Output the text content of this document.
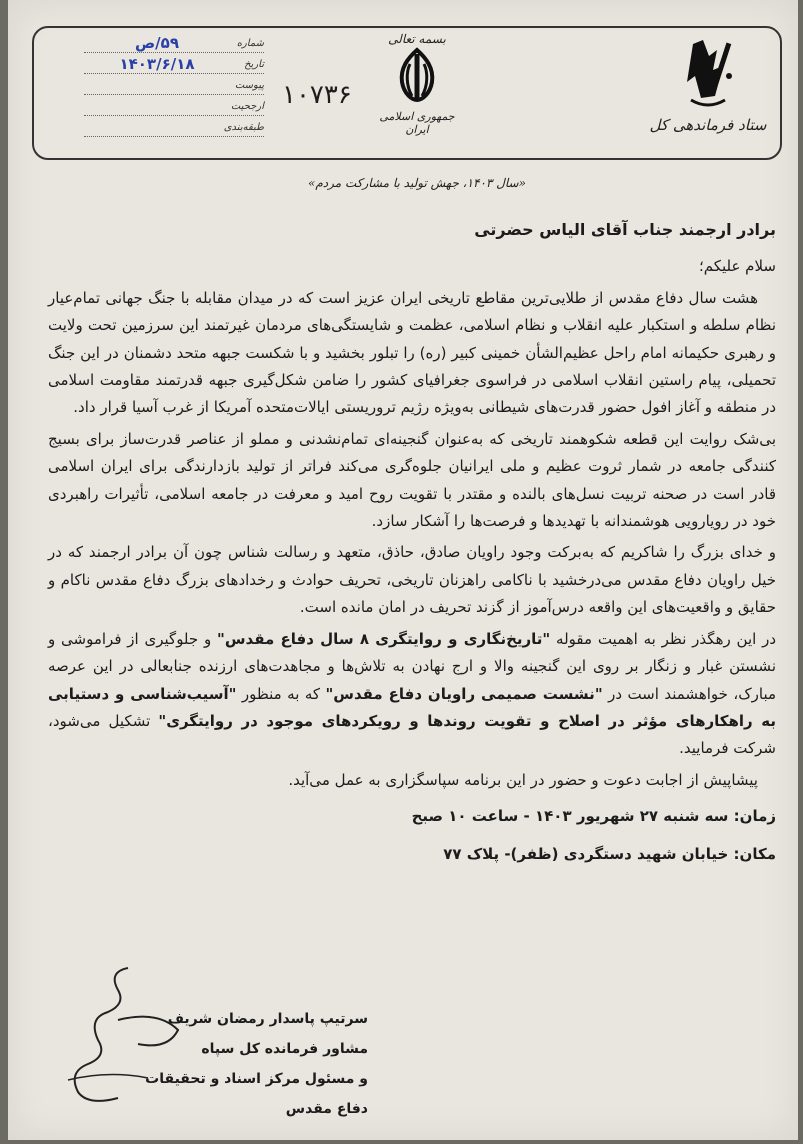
ستاد فرماندهی کل
بسمه تعالی
جمهوری اسلامی ایران
۱۰۷۳۶
شماره
۵۹/ص
تاریخ
۱۴۰۳/۶/۱۸
پیوست
ارجحیت
طبقه‌بندی
«سال ۱۴۰۳، جهش تولید با مشارکت مردم»
برادر ارجمند جناب آقای الیاس حضرتی
سلام علیکم؛

هشت سال دفاع مقدس از طلایی‌ترین مقاطع تاریخی ایران عزیز است که در میدان مقابله با جنگ جهانی تمام‌عیار نظام سلطه و استکبار علیه انقلاب و نظام اسلامی، عظمت و شایستگی‌های مردمان غیرتمند این سرزمین تحت ولایت و رهبری حکیمانه امام راحل عظیم‌الشأن خمینی کبیر (ره) را تبلور بخشید و با شکست جبهه متحد دشمنان در این جنگ تحمیلی، پیام راستین انقلاب اسلامی در فراسوی جغرافیای کشور را ضامن شکل‌گیری جبهه قدرتمند مقاومت اسلامی در منطقه و آغاز افول حضور قدرت‌های شیطانی به‌ویژه رژیم تروریستی ایالات‌متحده آمریکا از غرب آسیا قرار داد.

بی‌شک روایت این قطعه شکوهمند تاریخی که به‌عنوان گنجینه‌ای تمام‌نشدنی و مملو از عناصر قدرت‌ساز برای بسیج کنندگی جامعه در شمار ثروت عظیم و ملی ایرانیان جلوه‌گری می‌کند فراتر از تولید بازدارندگی برای ایران اسلامی قادر است در صحنه تربیت نسل‌های بالنده و مقتدر با تقویت روح امید و معرفت در جامعه اسلامی، تأثیرات راهبردی خود در رویارویی هوشمندانه با تهدیدها و فرصت‌ها را آشکار سازد.

و خدای بزرگ را شاکریم که به‌برکت وجود راویان صادق، حاذق، متعهد و رسالت شناس چون آن برادر ارجمند که در خیل راویان دفاع مقدس می‌درخشید با ناکامی راهزنان تاریخی، تحریف حوادث و رخدادهای بزرگ دفاع مقدس ناکام و حقایق و واقعیت‌های این واقعه درس‌آموز از گزند تحریف در امان مانده است.

در این رهگذر نظر به اهمیت مقوله "تاریخ‌نگاری و روایتگری ۸ سال دفاع مقدس" و جلوگیری از فراموشی و نشستن غبار و زنگار بر روی این گنجینه والا و ارج نهادن به تلاش‌ها و مجاهدت‌های ارزنده جنابعالی در این عرصه مبارک، خواهشمند است در "نشست صمیمی راویان دفاع مقدس" که به منظور "آسیب‌شناسی و دستیابی به راهکارهای مؤثر در اصلاح و تقویت روندها و رویکردهای موجود در روایتگری" تشکیل می‌شود، شرکت فرمایید.

پیشاپیش از اجابت دعوت و حضور در این برنامه سپاسگزاری به عمل می‌آید.

زمان: سه شنبه ۲۷ شهریور ۱۴۰۳ - ساعت ۱۰ صبح
مکان: خیابان شهید دستگردی (ظفر)- پلاک ۷۷
سرتیپ پاسدار رمضان شریف
مشاور فرمانده کل سپاه
و مسئول مرکز اسناد و تحقیقات دفاع مقدس
